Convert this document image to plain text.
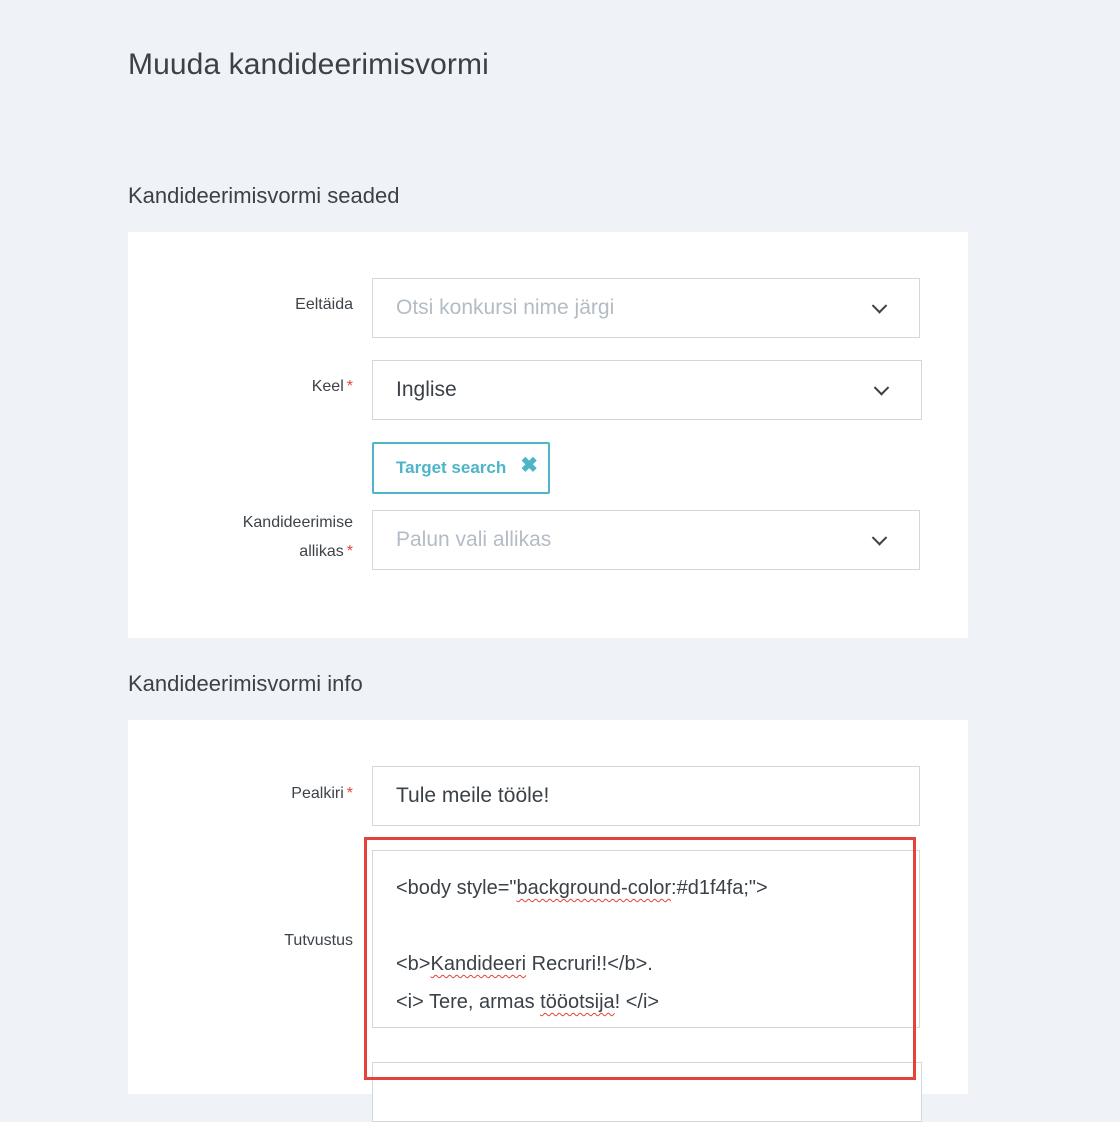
Muuda kandideerimisvormi
Kandideerimisvormi seaded
Eeltäida Otsi konkursi nime järgi
Keel * Inglise
Target search ✖
Kandideerimise
allikas *
Palun vali allikas
Kandideerimisvormi info
Pealkiri * Tule meile tööle!
Tutvustus
<body style="background-color:#d1f4fa;">
<b>Kandideeri Recruri!!</b>.
<i> Tere, armas tööotsija! </i>
